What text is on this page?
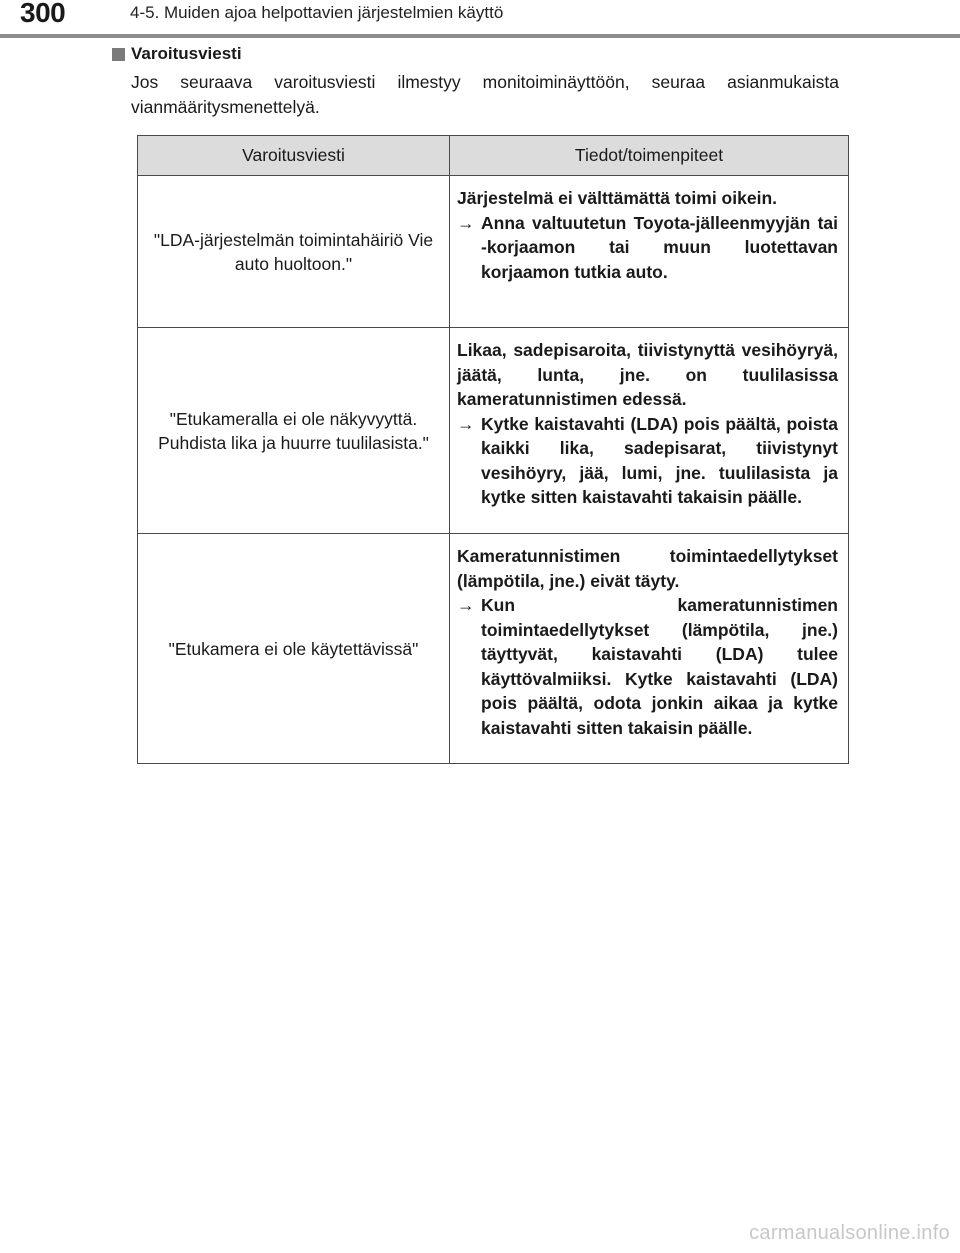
300	4-5. Muiden ajoa helpottavien järjestelmien käyttö
Varoitusviesti

Jos seuraava varoitusviesti ilmestyy monitoiminäyttöön, seuraa asianmukaista vianmääritysmenettelyä.

Varoitusviesti	Tiedot/toimenpiteet
"LDA-järjestelmän toimintahäiriö Vie auto huoltoon."	Järjestelmä ei välttämättä toimi oikein.
→ Anna valtuutetun Toyota-jälleenmyyjän tai -korjaamon tai muun luotettavan korjaamon tutkia auto.

"Etukameralla ei ole näkyvyyttä. Puhdista lika ja huurre tuulilasista."	Likaa, sadepisaroita, tiivistynyttä vesihöyryä, jäätä, lunta, jne. on tuulilasissa kameratunnistimen edessä.
→ Kytke kaistavahti (LDA) pois päältä, poista kaikki lika, sadepisarat, tiivistynyt vesihöyry, jää, lumi, jne. tuulilasista ja kytke sitten kaistavahti takaisin päälle.

"Etukamera ei ole käytettävissä"	Kameratunnistimen toimintaedellytykset (lämpötila, jne.) eivät täyty.
→ Kun kameratunnistimen toimintaedellytykset (lämpötila, jne.) täyttyvät, kaistavahti (LDA) tulee käyttövalmiiksi. Kytke kaistavahti (LDA) pois päältä, odota jonkin aikaa ja kytke kaistavahti sitten takaisin päälle.
carmanualsonline.info
